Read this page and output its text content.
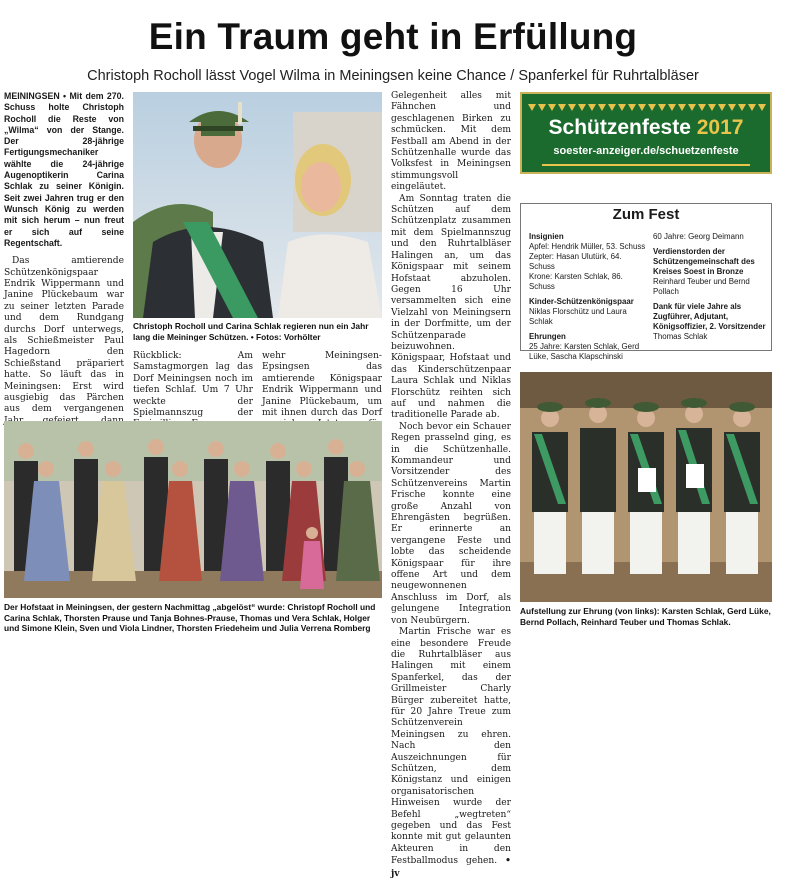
Ein Traum geht in Erfüllung
Christoph Rocholl lässt Vogel Wilma in Meiningsen keine Chance / Spanferkel für Ruhrtalbläser

MEININGSEN • Mit dem 270. Schuss holte Christoph Rocholl die Reste von „Wilma“ von der Stange. Der 28-jährige Fertigungsmechaniker wählte die 24-jährige Augenoptikerin Carina Schlak zu seiner Königin. Seit zwei Jahren trug er den Wunsch König zu werden mit sich herum – nun freut er sich auf seine Regentschaft.

Das amtierende Schützenkönigspaar Endrik Wippermann und Janine Plückebaum war zu seiner letzten Parade und dem Rundgang durchs Dorf unterwegs, als Schießmeister Paul Hagedorn den Schießstand präpariert hatte. So läuft das in Meiningsen: Erst wird ausgiebig das Pärchen aus dem vergangenen

Christoph Rocholl und Carina Schlak regieren nun ein Jahr lang die Meininger Schützen. • Fotos: Vorhölter
Rückblick: Am Samstagmorgen lag das Dorf Meiningsen noch im tiefen Schlaf. Um 7 Uhr weckte der Spielmannszug der
wehr Meiningsen-Epsingsen das amtierende Königspaar Endrik Wippermann und Janine Plückebaum, um mit ihnen durch das Dorf
Der Hofstaat in Meiningsen, der gestern Nachmittag „abgelöst“ wurde: Christopf Rocholl und Carina Schlak, Thorsten Prause und Tanja Bohnes-Prause, Thomas und Vera Schlak, Holger und Simone Klein, Sven und Viola Lindner, Thorsten Friedeheim und Julia Verrena Romberg

Gelegenheit alles mit Fähnchen und geschlagenen Birken zu schmücken. Mit dem Festball am Abend in der Schützenhalle wurde das Volksfest in Meiningsen stimmungsvoll eingeläutet.

Am Sonntag traten die Schützen auf dem Schützenplatz zusammen mit dem Spielmannszug und den Ruhrtalbläser Halingen an, um das Königspaar mit seinem Hofstaat abzuholen. Gegen 16 Uhr versammelten sich eine Vielzahl von Meiningsern in der Dorfmitte, um der Schützenparade beizuwohnen. Königspaar, Hofstaat und das Kinderschützenpaar Laura Schlak und Niklas Florschütz reihten sich auf und nahmen die traditionelle Parade ab.

Noch bevor ein Schauer Regen prasselnd ging, es in die Schützenhalle. Kommandeur und Vorsitzender des Schützenvereins Martin Frische konnte eine große Anzahl von Ehrengästen begrüßen. Er erinnerte an vergangene Feste und lobte das scheidende Königspaar für ihre offene Art und dem neugewonnenen Anschluss im Dorf, als gelungene Integration von Neubürgern.

Martin Frische war es eine besondere Freude die Ruhrtalbläser aus Halingen mit einem Spanferkel, das der Grillmeister Charly Bürger zubereitet hatte, für 20 Jahre Treue zum Schützenverein Meiningsen zu ehren. Nach den Auszeichnungen für Schützen, dem Königstanz und einigen organisatorischen Hinweisen wurde der Befehl „wegtreten“ gegeben und das Fest konnte mit gut gelaunten Akteuren in den Festballmodus gehen. • jv

Schützenfeste 2017
soester-anzeiger.de/schuetzenfeste
Zum Fest
Insignien
Apfel: Hendrik Müller, 53. Schuss
Zepter: Hasan Ulutürk, 64. Schuss
Krone: Karsten Schlak, 86. Schuss
Kinder-Schützenkönigspaar
Niklas Florschütz und Laura Schlak
Ehrungen
25 Jahre: Karsten Schlak, Gerd Lüke, Sascha Klapschinski
60 Jahre: Georg Deimann
Verdienstorden der Schützengemeinschaft des Kreises Soest in Bronze
Reinhard Teuber und Bernd Pollach
Dank für viele Jahre als Zugführer, Adjutant, Königsoffizier, 2. Vorsitzender
Thomas Schlak
Aufstellung zur Ehrung (von links): Karsten Schlak, Gerd Lüke, Bernd Pollach, Reinhard Teuber und Thomas Schlak.
